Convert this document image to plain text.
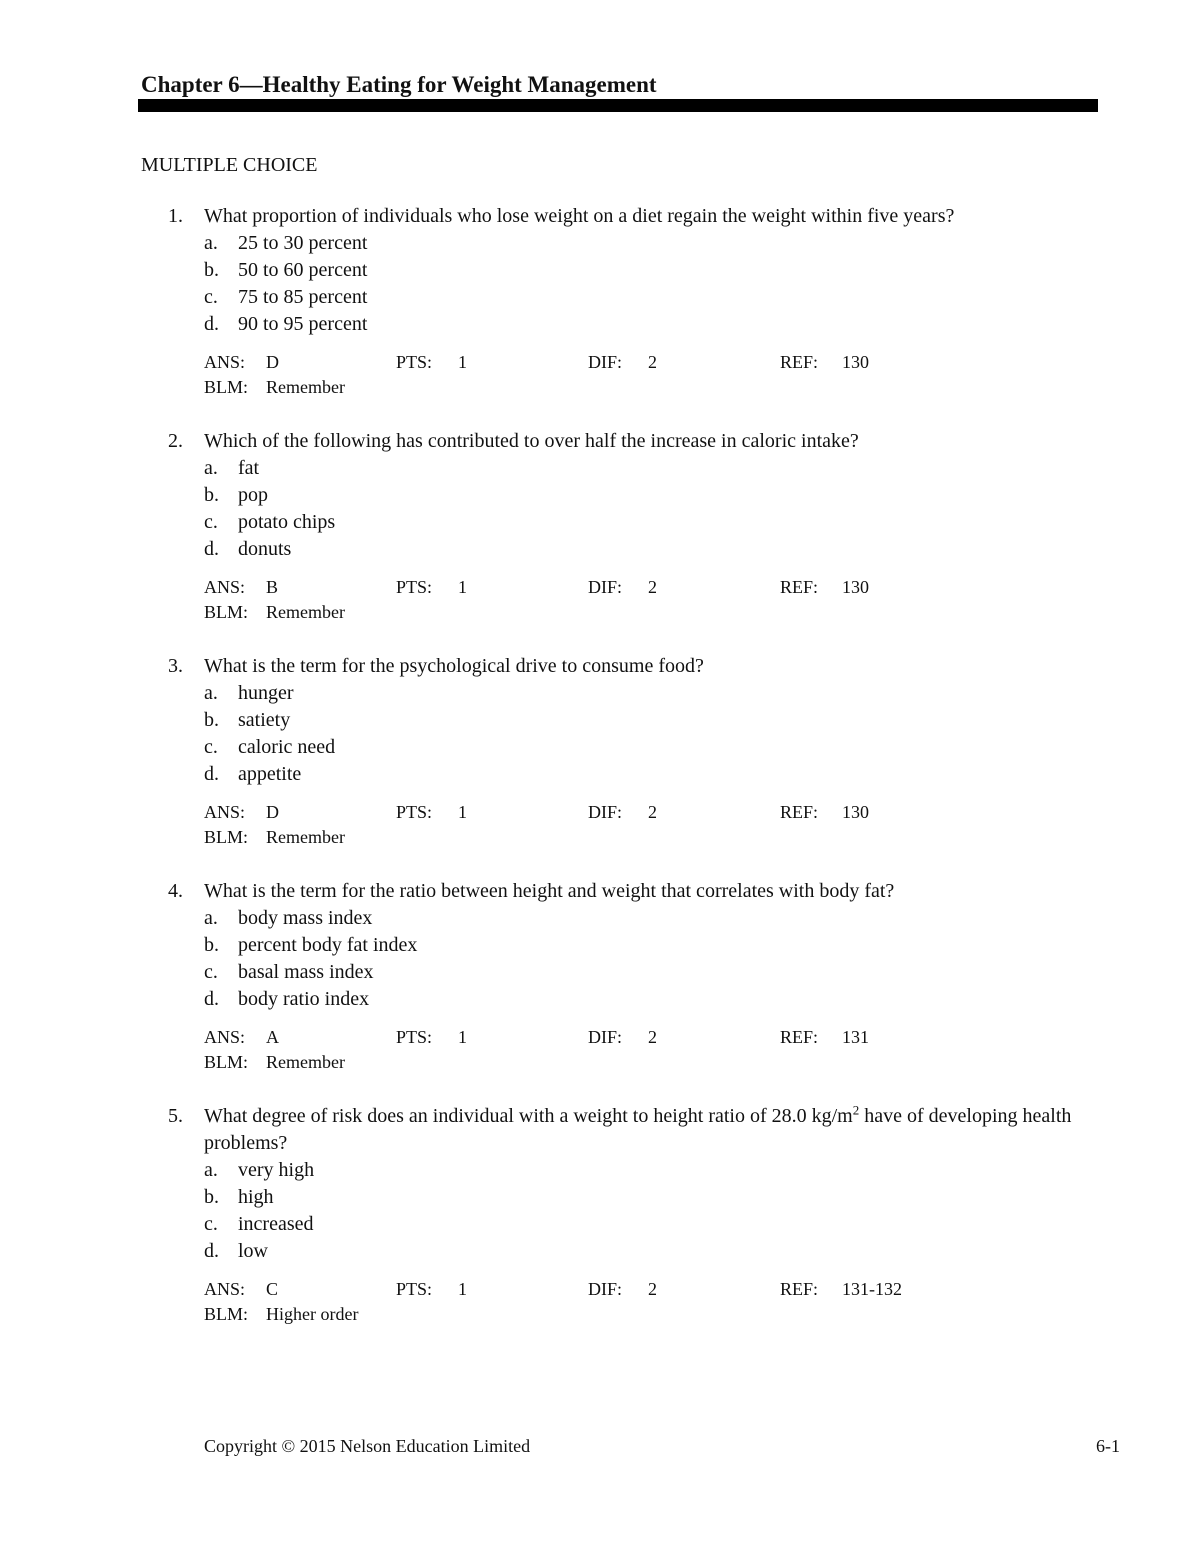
Chapter 6—Healthy Eating for Weight Management
MULTIPLE CHOICE
1. What proportion of individuals who lose weight on a diet regain the weight within five years?
a. 25 to 30 percent
b. 50 to 60 percent
c. 75 to 85 percent
d. 90 to 95 percent
ANS: D	PTS: 1	DIF: 2	REF: 130
BLM: Remember
2. Which of the following has contributed to over half the increase in caloric intake?
a. fat
b. pop
c. potato chips
d. donuts
ANS: B	PTS: 1	DIF: 2	REF: 130
BLM: Remember
3. What is the term for the psychological drive to consume food?
a. hunger
b. satiety
c. caloric need
d. appetite
ANS: D	PTS: 1	DIF: 2	REF: 130
BLM: Remember
4. What is the term for the ratio between height and weight that correlates with body fat?
a. body mass index
b. percent body fat index
c. basal mass index
d. body ratio index
ANS: A	PTS: 1	DIF: 2	REF: 131
BLM: Remember
5. What degree of risk does an individual with a weight to height ratio of 28.0 $kg/m^2$ have of developing health problems?
a. very high
b. high
c. increased
d. low
ANS: C	PTS: 1	DIF: 2	REF: 131-132
BLM: Higher order
Copyright © 2015 Nelson Education Limited	6-1
